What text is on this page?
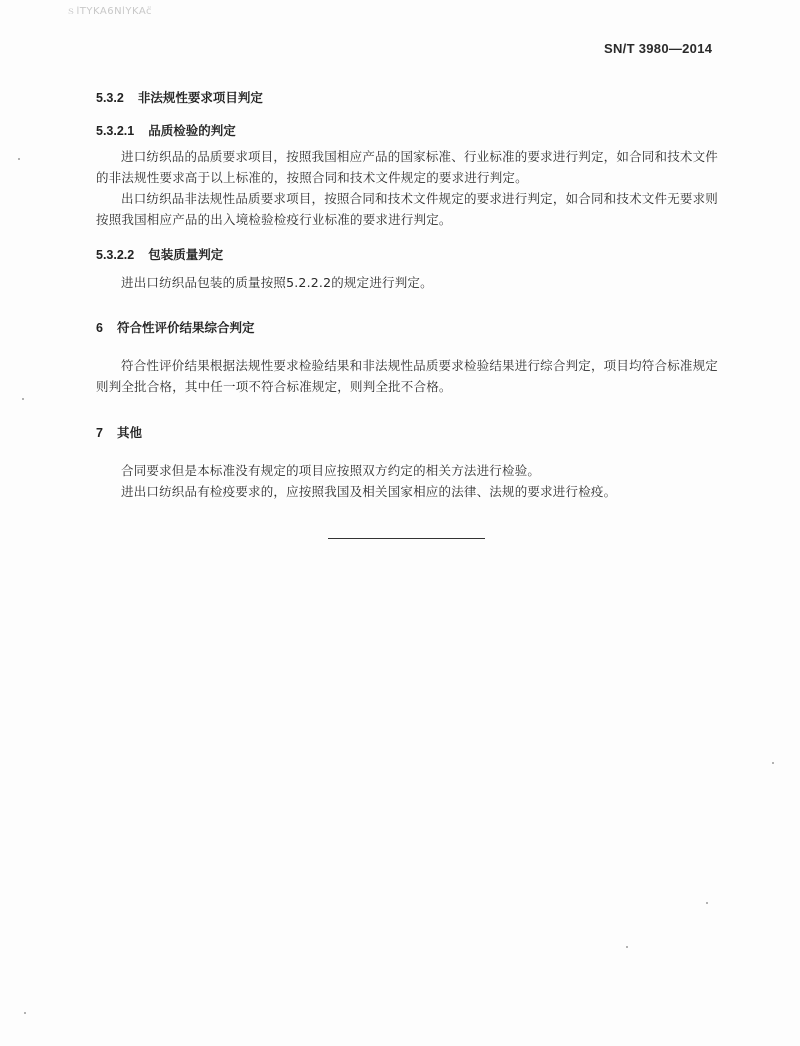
ｓlTYKA6NlYKAc̈
SN/T 3980—2014
5.3.2 非法规性要求项目判定
5.3.2.1 品质检验的判定
进口纺织品的品质要求项目，按照我国相应产品的国家标准、行业标准的要求进行判定，如合同和技术文件的非法规性要求高于以上标准的，按照合同和技术文件规定的要求进行判定。
出口纺织品非法规性品质要求项目，按照合同和技术文件规定的要求进行判定，如合同和技术文件无要求则按照我国相应产品的出入境检验检疫行业标准的要求进行判定。
5.3.2.2 包装质量判定
进出口纺织品包装的质量按照5.2.2.2的规定进行判定。
6 符合性评价结果综合判定
符合性评价结果根据法规性要求检验结果和非法规性品质要求检验结果进行综合判定，项目均符合标准规定则判全批合格，其中任一项不符合标准规定，则判全批不合格。
7 其他
合同要求但是本标准没有规定的项目应按照双方约定的相关方法进行检验。
进出口纺织品有检疫要求的，应按照我国及相关国家相应的法律、法规的要求进行检疫。
